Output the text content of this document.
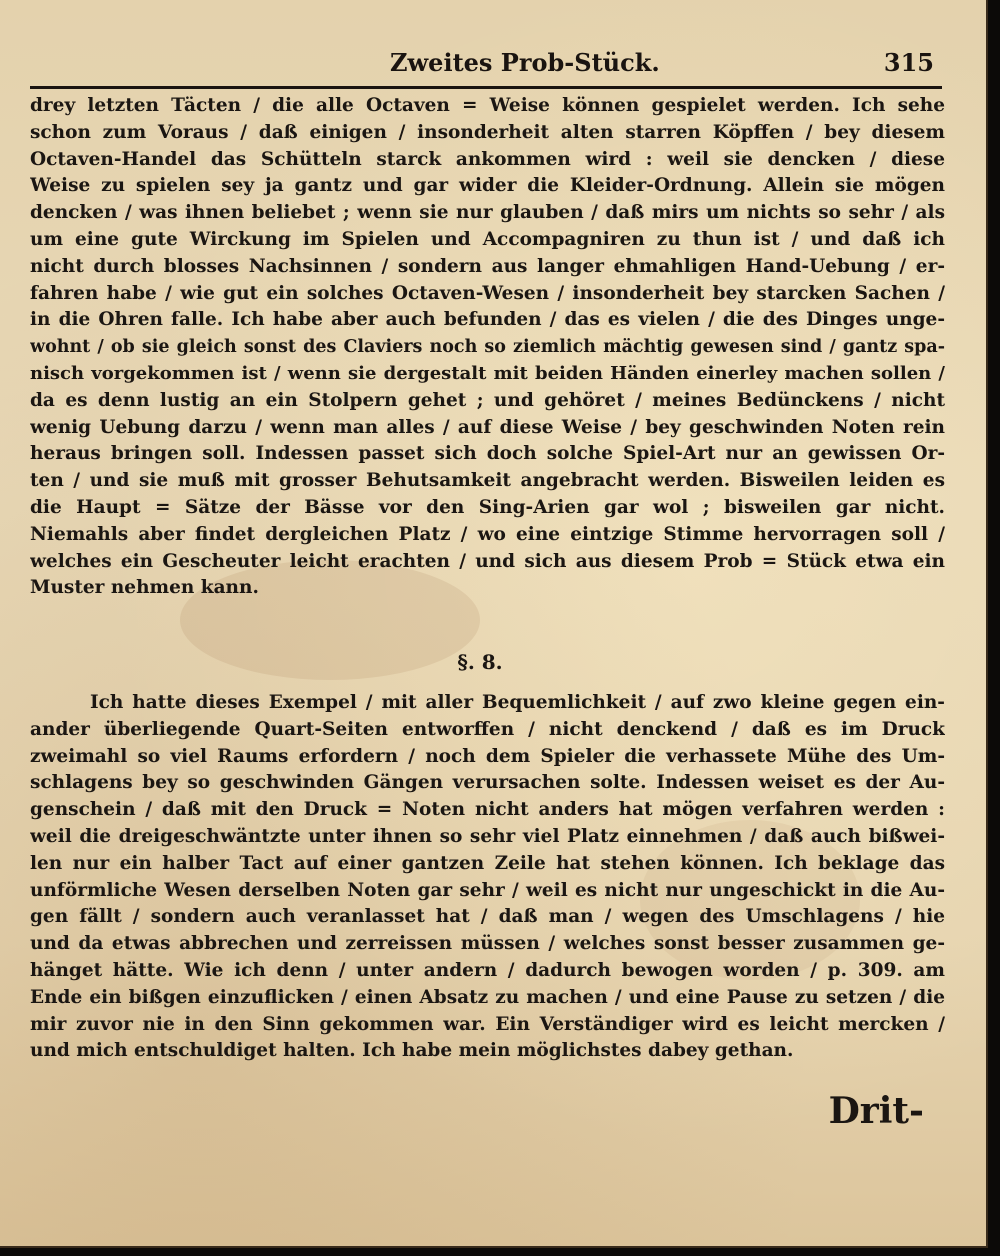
Zweites Prob-Stück.	315
drey letzten Täcten / die alle Octaven = Weise können gespielet werden. Ich sehe
schon zum Voraus / daß einigen / insonderheit alten starren Köpffen / bey diesem
Octaven-Handel das Schütteln starck ankommen wird : weil sie dencken / diese
Weise zu spielen sey ja gantz und gar wider die Kleider-Ordnung. Allein sie mögen
dencken / was ihnen beliebet ; wenn sie nur glauben / daß mirs um nichts so sehr / als
um eine gute Wirckung im Spielen und Accompagniren zu thun ist / und daß ich
nicht durch blosses Nachsinnen / sondern aus langer ehmahligen Hand-Uebung / er-
fahren habe / wie gut ein solches Octaven-Wesen / insonderheit bey starcken Sachen /
in die Ohren falle. Ich habe aber auch befunden / das es vielen / die des Dinges unge-
wohnt / ob sie gleich sonst des Claviers noch so ziemlich mächtig gewesen sind / gantz spa-
nisch vorgekommen ist / wenn sie dergestalt mit beiden Händen einerley machen sollen /
da es denn lustig an ein Stolpern gehet ; und gehöret / meines Bedünckens / nicht
wenig Uebung darzu / wenn man alles / auf diese Weise / bey geschwinden Noten rein
heraus bringen soll. Indessen passet sich doch solche Spiel-Art nur an gewissen Or-
ten / und sie muß mit grosser Behutsamkeit angebracht werden. Bisweilen leiden es
die Haupt = Sätze der Bässe vor den Sing-Arien gar wol ; bisweilen gar nicht.
Niemahls aber findet dergleichen Platz / wo eine eintzige Stimme hervorragen soll /
welches ein Gescheuter leicht erachten / und sich aus diesem Prob = Stück etwa ein
Muster nehmen kann.
§. 8.
Ich hatte dieses Exempel / mit aller Bequemlichkeit / auf zwo kleine gegen ein-
ander überliegende Quart-Seiten entworffen / nicht denckend / daß es im Druck
zweimahl so viel Raums erfordern / noch dem Spieler die verhassete Mühe des Um-
schlagens bey so geschwinden Gängen verursachen solte. Indessen weiset es der Au-
genschein / daß mit den Druck = Noten nicht anders hat mögen verfahren werden :
weil die dreigeschwäntzte unter ihnen so sehr viel Platz einnehmen / daß auch bißwei-
len nur ein halber Tact auf einer gantzen Zeile hat stehen können. Ich beklage das
unförmliche Wesen derselben Noten gar sehr / weil es nicht nur ungeschickt in die Au-
gen fällt / sondern auch veranlasset hat / daß man / wegen des Umschlagens / hie
und da etwas abbrechen und zerreissen müssen / welches sonst besser zusammen ge-
hänget hätte. Wie ich denn / unter andern / dadurch bewogen worden / p. 309. am
Ende ein bißgen einzuflicken / einen Absatz zu machen / und eine Pause zu setzen / die
mir zuvor nie in den Sinn gekommen war. Ein Verständiger wird es leicht mercken /
und mich entschuldiget halten. Ich habe mein möglichstes dabey gethan.
Drit-
